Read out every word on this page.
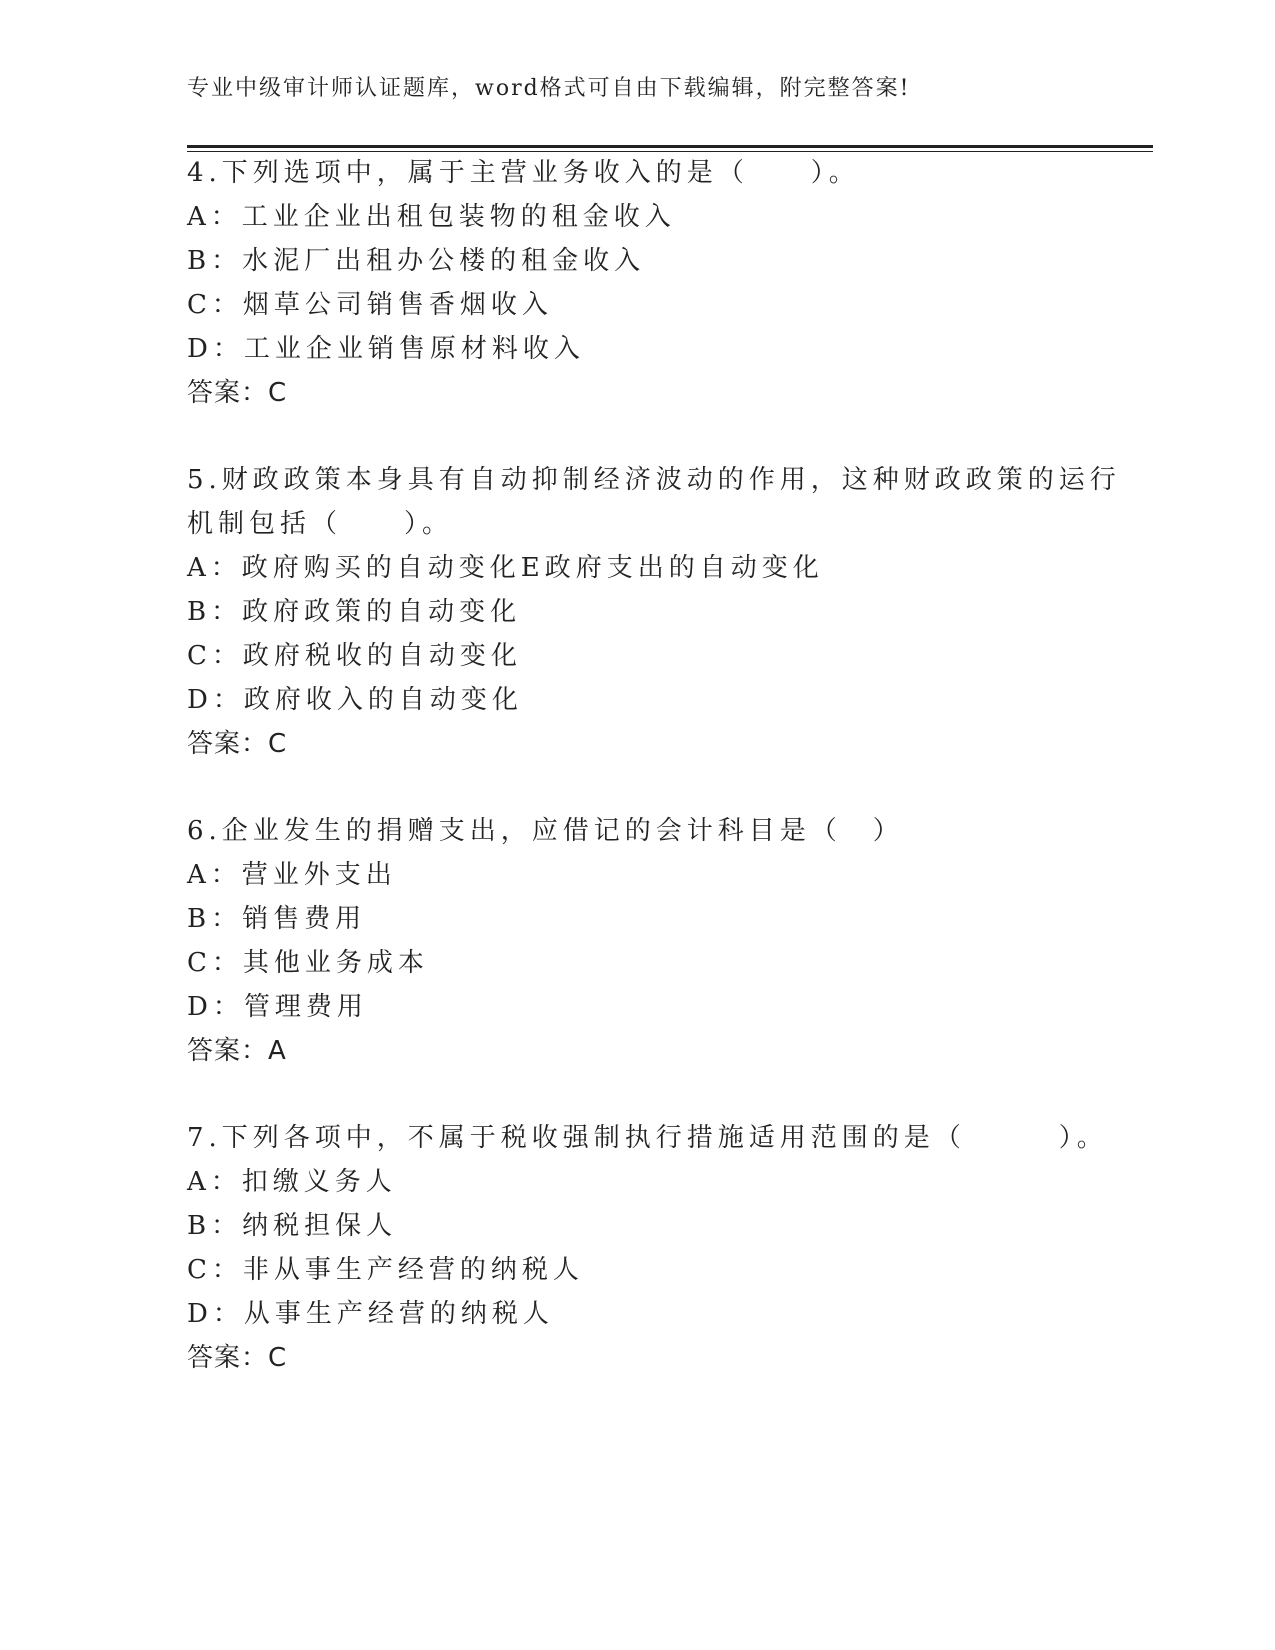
专业中级审计师认证题库，word格式可自由下载编辑，附完整答案!
4.下列选项中，属于主营业务收入的是（　　）。
A：工业企业出租包装物的租金收入
B：水泥厂出租办公楼的租金收入
C：烟草公司销售香烟收入
D：工业企业销售原材料收入
答案：C
5.财政政策本身具有自动抑制经济波动的作用，这种财政政策的运行
机制包括（　　）。
A：政府购买的自动变化E政府支出的自动变化
B：政府政策的自动变化
C：政府税收的自动变化
D：政府收入的自动变化
答案：C
6.企业发生的捐赠支出，应借记的会计科目是（　）
A：营业外支出
B：销售费用
C：其他业务成本
D：管理费用
答案：A
7.下列各项中，不属于税收强制执行措施适用范围的是（　　　）。
A：扣缴义务人
B：纳税担保人
C：非从事生产经营的纳税人
D：从事生产经营的纳税人
答案：C
